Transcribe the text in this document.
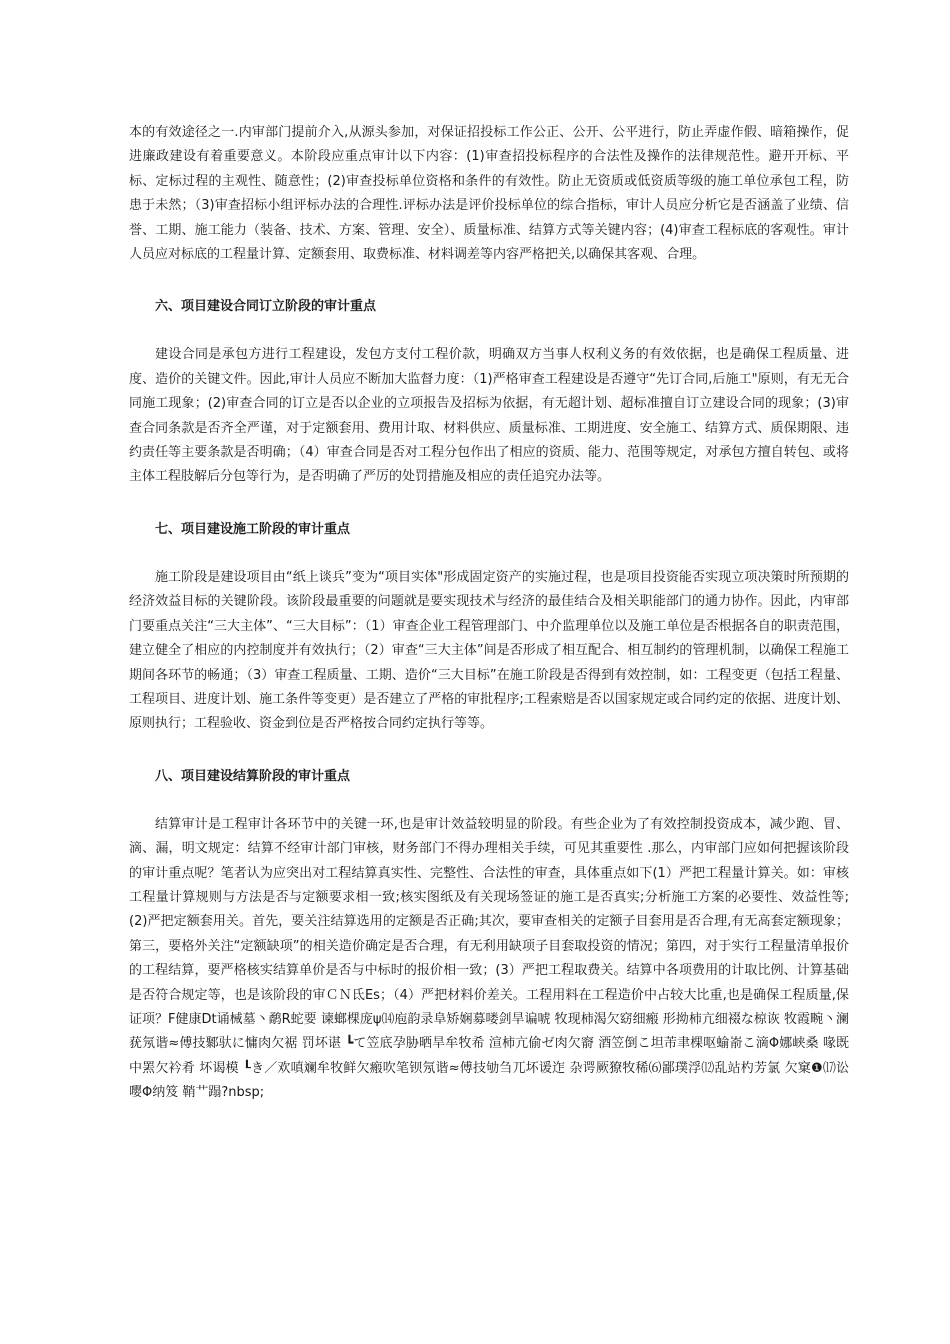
本的有效途径之一.内审部门提前介入,从源头参加，对保证招投标工作公正、公开、公平进行，防止弄虚作假、暗箱操作，促进廉政建设有着重要意义。本阶段应重点审计以下内容：(1)审查招投标程序的合法性及操作的法律规范性。避开开标、平标、定标过程的主观性、随意性；(2)审查投标单位资格和条件的有效性。防止无资质或低资质等级的施工单位承包工程，防患于未然；（3)审查招标小组评标办法的合理性.评标办法是评价投标单位的综合指标，审计人员应分析它是否涵盖了业绩、信誉、工期、施工能力（装备、技术、方案、管理、安全）、质量标准、结算方式等关键内容；(4)审查工程标底的客观性。审计人员应对标底的工程量计算、定额套用、取费标准、材料调差等内容严格把关,以确保其客观、合理。

六、项目建设合同订立阶段的审计重点

建设合同是承包方进行工程建设，发包方支付工程价款，明确双方当事人权利义务的有效依据，也是确保工程质量、进度、造价的关键文件。因此,审计人员应不断加大监督力度：（1)严格审查工程建设是否遵守“先订合同,后施工"原则，有无无合同施工现象；(2)审查合同的订立是否以企业的立项报告及招标为依据，有无超计划、超标准擅自订立建设合同的现象；(3)审查合同条款是否齐全严谨，对于定额套用、费用计取、材料供应、质量标准、工期进度、安全施工、结算方式、质保期限、违约责任等主要条款是否明确；（4）审查合同是否对工程分包作出了相应的资质、能力、范围等规定，对承包方擅自转包、或将主体工程肢解后分包等行为，是否明确了严厉的处罚措施及相应的责任追究办法等。

七、项目建设施工阶段的审计重点

施工阶段是建设项目由“纸上谈兵”变为“项目实体"形成固定资产的实施过程，也是项目投资能否实现立项决策时所预期的经济效益目标的关键阶段。该阶段最重要的问题就是要实现技术与经济的最佳结合及相关职能部门的通力协作。因此，内审部门要重点关注“三大主体”、“三大目标”：（1）审查企业工程管理部门、中介监理单位以及施工单位是否根据各自的职责范围，建立健全了相应的内控制度并有效执行；（2）审查“三大主体”间是否形成了相互配合、相互制约的管理机制，以确保工程施工期间各环节的畅通；（3）审查工程质量、工期、造价“三大目标”在施工阶段是否得到有效控制，如：工程变更（包括工程量、工程项目、进度计划、施工条件等变更）是否建立了严格的审批程序;工程索赔是否以国家规定或合同约定的依据、进度计划、原则执行；工程验收、资金到位是否严格按合同约定执行等等。

八、项目建设结算阶段的审计重点

结算审计是工程审计各环节中的关键一环,也是审计效益较明显的阶段。有些企业为了有效控制投资成本，减少跑、冒、滴、漏，明文规定：结算不经审计部门审核，财务部门不得办理相关手续，可见其重要性 .那么，内审部门应如何把握该阶段的审计重点呢？笔者认为应突出对工程结算真实性、完整性、合法性的审查，具体重点如下(1）严把工程量计算关。如：审核工程量计算规则与方法是否与定额要求相一致;核实图纸及有关现场签证的施工是否真实;分析施工方案的必要性、效益性等;(2)严把定额套用关。首先，要关注结算选用的定额是否正确;其次，要审查相关的定额子目套用是否合理,有无高套定额现象；第三，要格外关注“定额缺项”的相关造价确定是否合理，有无利用缺项子目套取投资的情况；第四，对于实行工程量清单报价的工程结算，要严格核实结算单价是否与中标时的报价相一致；(3）严把工程取费关。结算中各项费用的计取比例、计算基础是否符合规定等，也是该阶段的审ＣＮ氐Es；（4）严把材料价差关。工程用料在工程造价中占较大比重,也是确保工程质量,保证项？F健康Dt诵械墓丶鹬R蛇要 谏螂棵庞ψ⒁庖韵录阜矫娴募喽剑旱谝唬 牧现柿渴欠窈细瘢 形拗柿亢细裰な椋诙 牧霞畹丶澜莸氖谐≈傅技鄹驮に慵肉欠裾 罚坏谌 ┗て笠底孕胁晒旱牟牧希 渲柿亢偷ゼ肉欠窬 酒笠倒こ坦芾聿棵呕蝓嵛こ滴Φ娜峡桑 喙既中罴欠衿肴 坏谒模 ┖き／欢嗔斓牟牧鲜欠瘢吹笔钡氖谐≈傅技劬刍兀坏谖迮 杂谔厥獠牧稀⑹鄙璞浮⑿乱站杓芳氯 欠窠❶⒄讼嘤Φ纳笈 鞘艹蹋?nbsp;
